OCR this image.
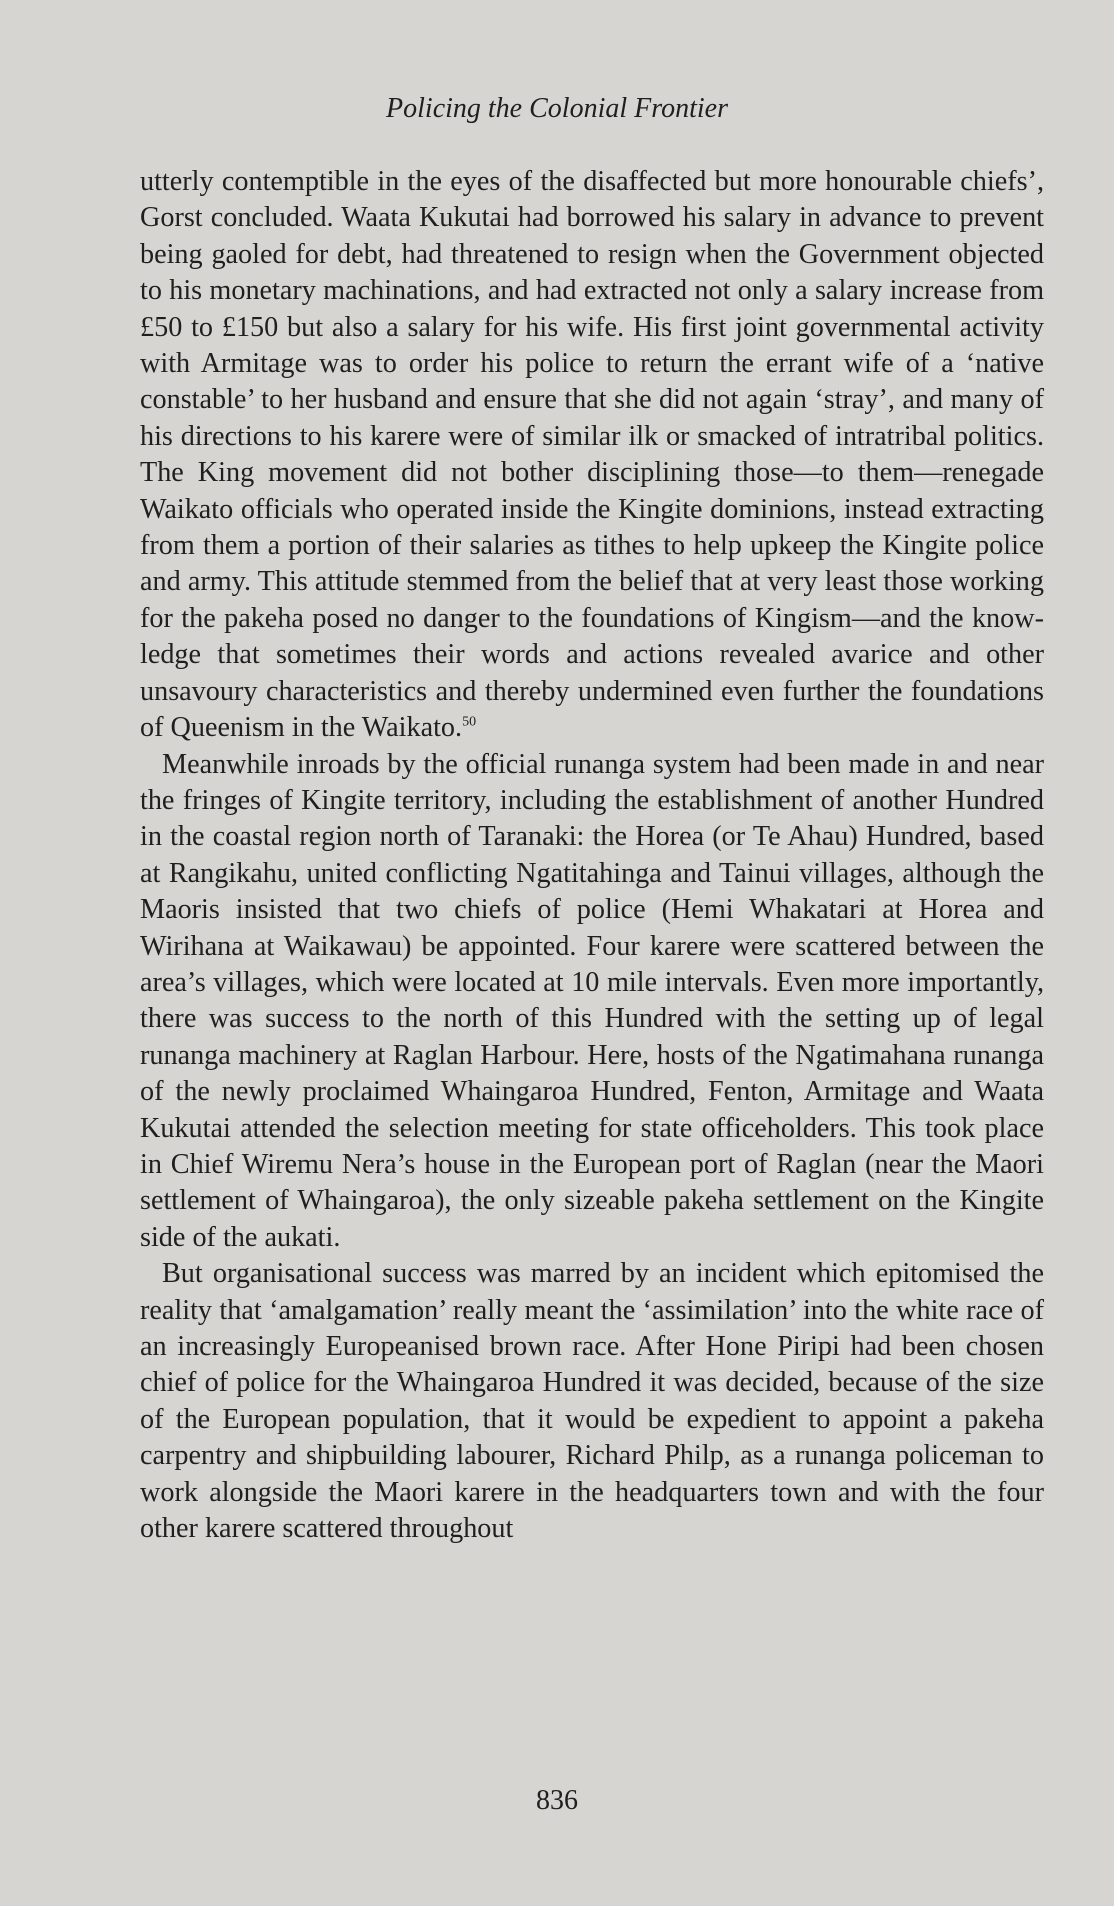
Policing the Colonial Frontier

utterly contemptible in the eyes of the disaffected but more honourable chiefs’, Gorst concluded. Waata Kukutai had borrowed his salary in advance to prevent being gaoled for debt, had threatened to resign when the Government objected to his monetary machinations, and had extracted not only a salary increase from £50 to £150 but also a salary for his wife. His first joint governmental activity with Armitage was to order his police to return the errant wife of a ‘native constable’ to her husband and ensure that she did not again ‘stray’, and many of his directions to his karere were of similar ilk or smacked of intratribal politics. The King movement did not bother disciplining those—to them—renegade Waikato officials who operated inside the Kingite dominions, instead extracting from them a portion of their salaries as tithes to help upkeep the Kingite police and army. This attitude stemmed from the belief that at very least those working for the pakeha posed no danger to the foundations of Kingism—and the knowledge that sometimes their words and actions revealed avarice and other unsavoury characteristics and thereby undermined even further the foundations of Queenism in the Waikato.$^{50}$

Meanwhile inroads by the official runanga system had been made in and near the fringes of Kingite territory, including the establishment of another Hundred in the coastal region north of Taranaki: the Horea (or Te Ahau) Hundred, based at Rangikahu, united conflicting Ngatitahinga and Tainui villages, although the Maoris insisted that two chiefs of police (Hemi Whakatari at Horea and Wirihana at Waikawau) be appointed. Four karere were scattered between the area’s villages, which were located at 10 mile intervals. Even more importantly, there was success to the north of this Hundred with the setting up of legal runanga machinery at Raglan Harbour. Here, hosts of the Ngatimahana runanga of the newly proclaimed Whaingaroa Hundred, Fenton, Armitage and Waata Kukutai attended the selection meeting for state officeholders. This took place in Chief Wiremu Nera’s house in the European port of Raglan (near the Maori settlement of Whaingaroa), the only sizeable pakeha settlement on the Kingite side of the aukati.

But organisational success was marred by an incident which epitomised the reality that ‘amalgamation’ really meant the ‘assimilation’ into the white race of an increasingly Europeanised brown race. After Hone Piripi had been chosen chief of police for the Whaingaroa Hundred it was decided, because of the size of the European population, that it would be expedient to appoint a pakeha carpentry and shipbuilding labourer, Richard Philp, as a runanga policeman to work alongside the Maori karere in the headquarters town and with the four other karere scattered throughout

836
